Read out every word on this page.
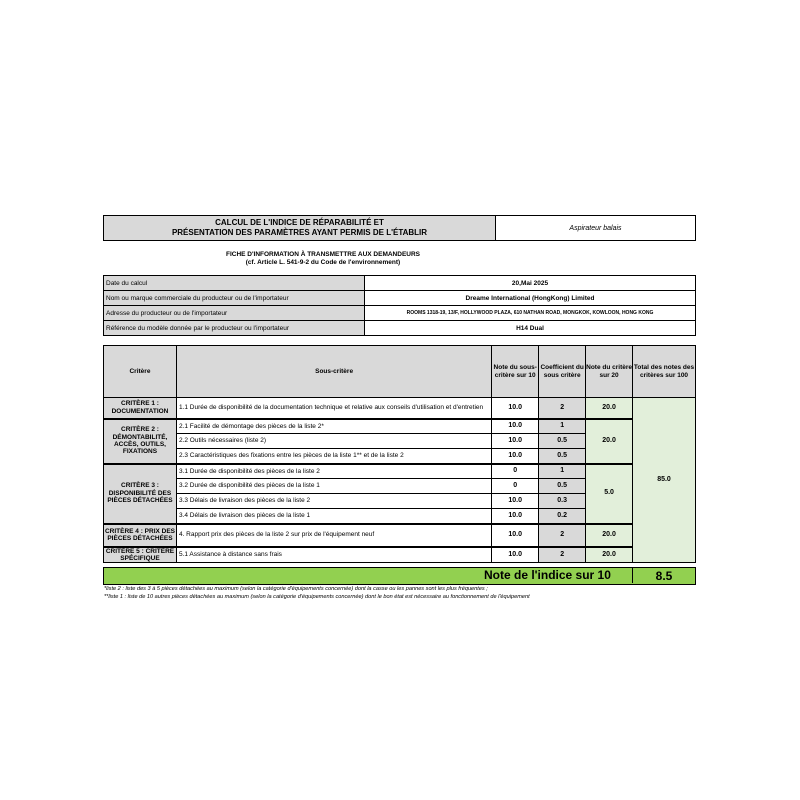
CALCUL DE L'INDICE DE RÉPARABILITÉ ET
PRÉSENTATION DES PARAMÈTRES AYANT PERMIS DE L'ÉTABLIR	Aspirateur balais
FICHE D'INFORMATION À TRANSMETTRE AUX DEMANDEURS
(cf. Article L. 541-9-2 du Code de l'environnement)
Date du calcul	20,Mai 2025
Nom ou marque commerciale du producteur ou de l'importateur	Dreame International (HongKong) Limited
Adresse du producteur ou de l'importateur	ROOMS 1318-19, 13/F, HOLLYWOOD PLAZA, 610 NATHAN ROAD, MONGKOK, KOWLOON, HONG KONG
Référence du modèle donnée par le producteur ou l'importateur	H14 Dual
Critère	Sous-critère	Note du sous-critère sur 10	Coefficient du sous critère	Note du critère sur 20	Total des notes des critères sur 100
CRITÈRE 1 : DOCUMENTATION	1.1 Durée de disponibilité de la documentation technique et relative aux conseils d'utilisation et d'entretien	10.0	2	20.0	85.0
CRITÈRE 2 : DÉMONTABILITÉ, ACCÈS, OUTILS, FIXATIONS	2.1 Facilité de démontage des pièces de la liste 2*	10.0	1	20.0	
	2.2 Outils nécessaires (liste 2)	10.0	0.5		
	2.3 Caractéristiques des fixations entre les pièces de la liste 1** et de la liste 2	10.0	0.5		
CRITÈRE 3 : DISPONIBILITÉ DES PIÈCES DÉTACHÉES	3.1 Durée de disponibilité des pièces de la liste 2	0	1	5.0	
	3.2 Durée de disponibilité des pièces de la liste 1	0	0.5		
	3.3 Délais de livraison des pièces de la liste 2	10.0	0.3		
	3.4 Délais de livraison des pièces de la liste 1	10.0	0.2		
CRITÈRE 4 : PRIX DES PIÈCES DÉTACHÉES	4. Rapport prix des pièces de la liste 2 sur prix de l'équipement neuf	10.0	2	20.0	
CRITÈRE 5 : CRITÈRE SPÉCIFIQUE	5.1 Assistance à distance sans frais	10.0	2	20.0	
Note de l'indice sur 10	8.5
*liste 2 : liste des 3 à 5 pièces détachées au maximum (selon la catégorie d'équipements concernée) dont la casse ou les pannes sont les plus fréquentes ;
**liste 1 : liste de 10 autres pièces détachées au maximum (selon la catégorie d'équipements concernée) dont le bon état est nécessaire au fonctionnement de l'équipement
